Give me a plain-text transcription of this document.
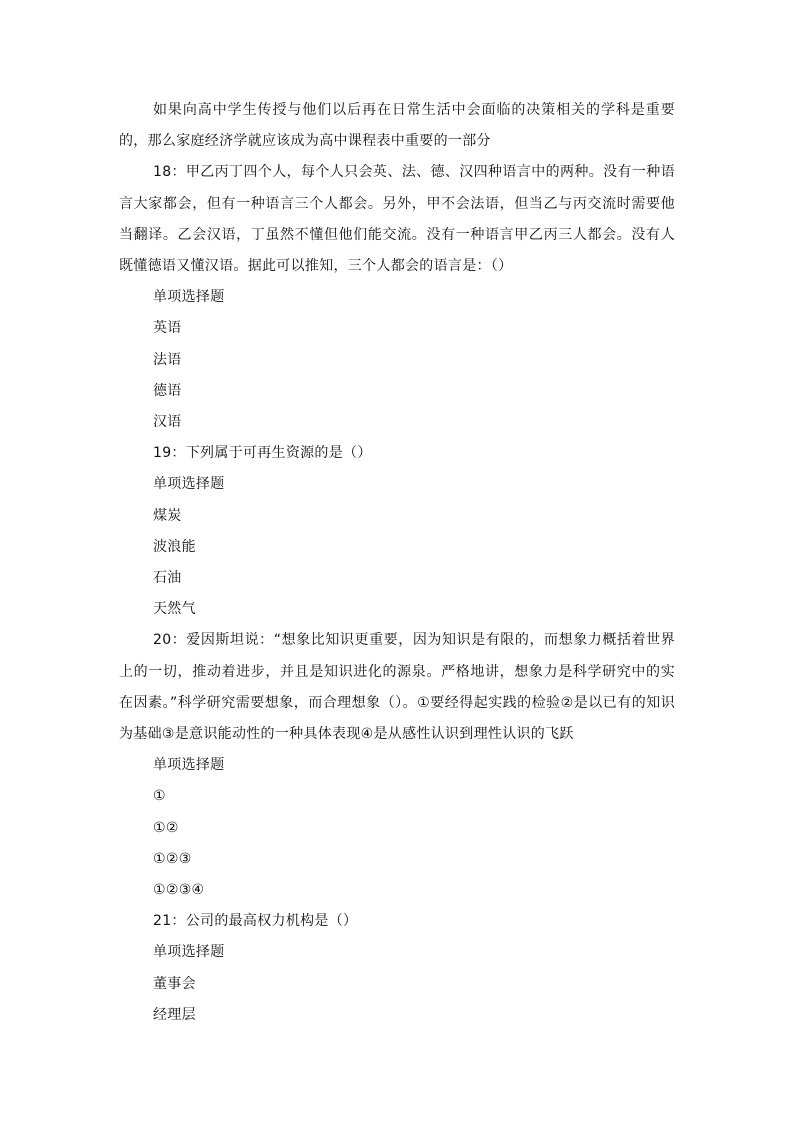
如果向高中学生传授与他们以后再在日常生活中会面临的决策相关的学科是重要的，那么家庭经济学就应该成为高中课程表中重要的一部分

18：甲乙丙丁四个人，每个人只会英、法、德、汉四种语言中的两种。没有一种语言大家都会，但有一种语言三个人都会。另外，甲不会法语，但当乙与丙交流时需要他当翻译。乙会汉语，丁虽然不懂但他们能交流。没有一种语言甲乙丙三人都会。没有人既懂德语又懂汉语。据此可以推知，三个人都会的语言是：（）

单项选择题

英语

法语

德语

汉语

19：下列属于可再生资源的是（）

单项选择题

煤炭

波浪能

石油

天然气

20：爱因斯坦说：“想象比知识更重要，因为知识是有限的，而想象力概括着世界上的一切，推动着进步，并且是知识进化的源泉。严格地讲，想象力是科学研究中的实在因素。”科学研究需要想象，而合理想象（）。①要经得起实践的检验②是以已有的知识为基础③是意识能动性的一种具体表现④是从感性认识到理性认识的飞跃

单项选择题

①

①②

①②③

①②③④

21：公司的最高权力机构是（）

单项选择题

董事会

经理层
